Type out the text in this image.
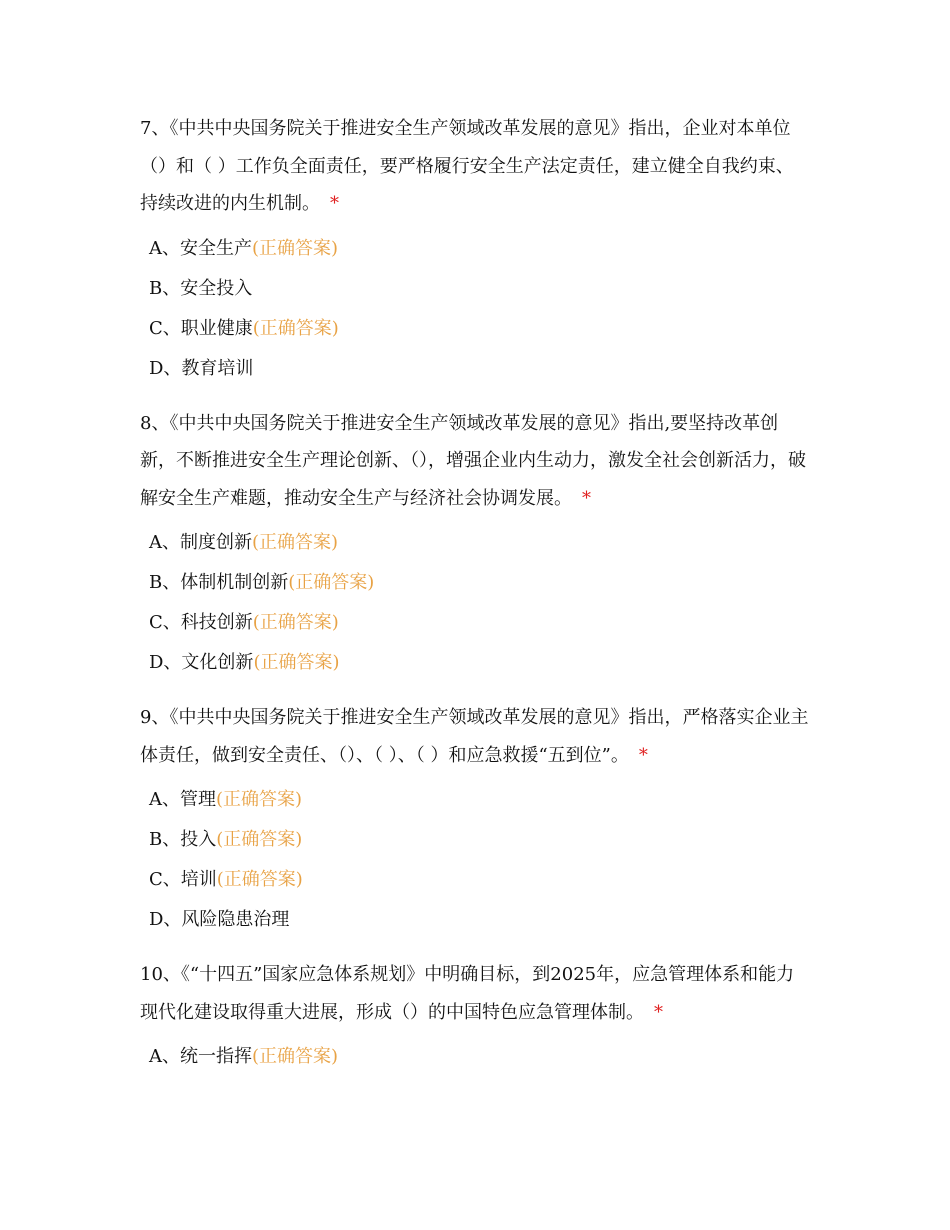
7、《中共中央国务院关于推进安全生产领域改革发展的意见》指出，企业对本单位（）和（ ）工作负全面责任，要严格履行安全生产法定责任，建立健全自我约束、持续改进的内生机制。 *

A、安全生产(正确答案)
B、安全投入
C、职业健康(正确答案)
D、教育培训

8、《中共中央国务院关于推进安全生产领域改革发展的意见》指出,要坚持改革创新，不断推进安全生产理论创新、（），增强企业内生动力，激发全社会创新活力，破解安全生产难题，推动安全生产与经济社会协调发展。 *

A、制度创新(正确答案)
B、体制机制创新(正确答案)
C、科技创新(正确答案)
D、文化创新(正确答案)

9、《中共中央国务院关于推进安全生产领域改革发展的意见》指出，严格落实企业主体责任，做到安全责任、（）、（ ）、（ ）和应急救援“五到位”。 *

A、管理(正确答案)
B、投入(正确答案)
C、培训(正确答案)
D、风险隐患治理

10、《“十四五”国家应急体系规划》中明确目标，到2025年，应急管理体系和能力现代化建设取得重大进展，形成（）的中国特色应急管理体制。 *

A、统一指挥(正确答案)
